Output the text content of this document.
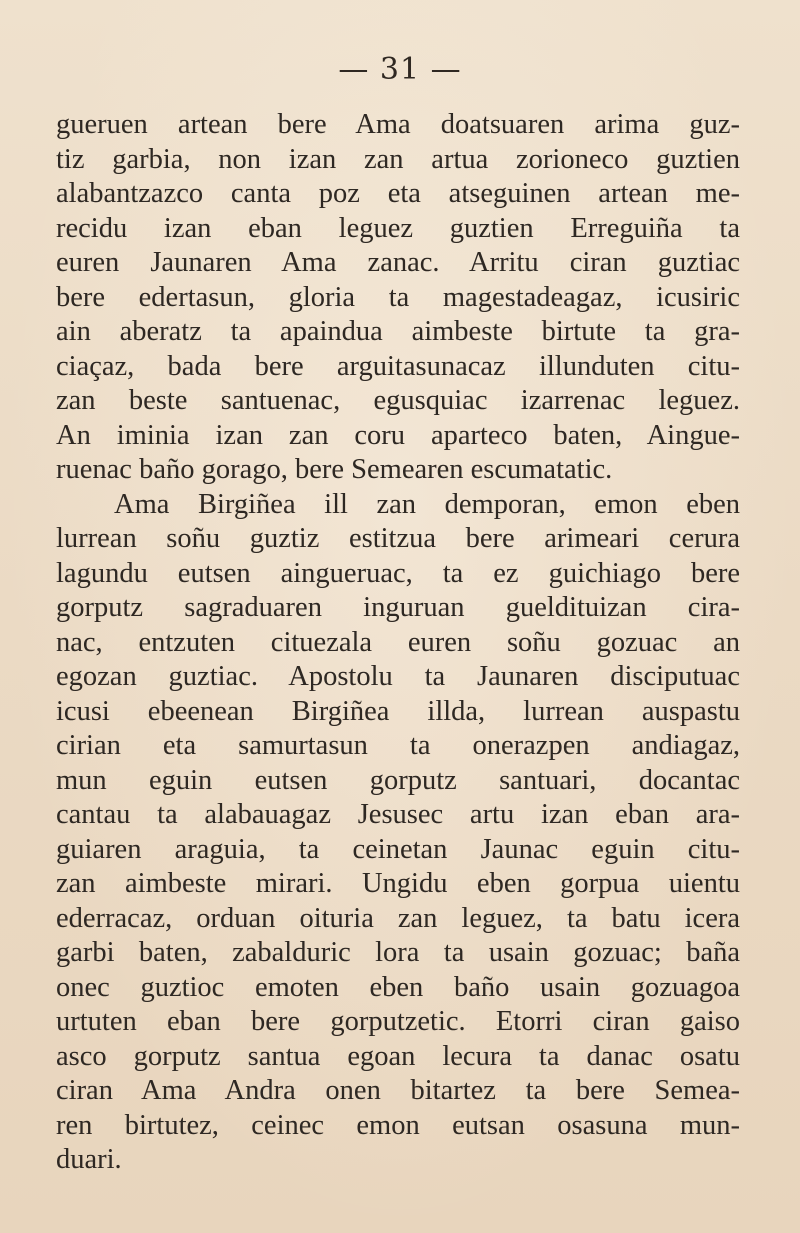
— 31 —
gueruen artean bere Ama doatsuaren arima guz-
tiz garbia, non izan zan artua zorioneco guztien
alabantzazco canta poz eta atseguinen artean me-
recidu izan eban leguez guztien Erreguiña ta
euren Jaunaren Ama zanac. Arritu ciran guztiac
bere edertasun, gloria ta magestadeagaz, icusiric
ain aberatz ta apaindua aimbeste birtute ta gra-
ciaçaz, bada bere arguitasunacaz illunduten citu-
zan beste santuenac, egusquiac izarrenac leguez.
An iminia izan zan coru aparteco baten, Aingue-
ruenac baño gorago, bere Semearen escumatatic.
Ama Birgiñea ill zan demporan, emon eben
lurrean soñu guztiz estitzua bere arimeari cerura
lagundu eutsen aingueruac, ta ez guichiago bere
gorputz sagraduaren inguruan gueldituizan cira-
nac, entzuten cituezala euren soñu gozuac an
egozan guztiac. Apostolu ta Jaunaren disciputuac
icusi ebeenean Birgiñea illda, lurrean auspastu
cirian eta samurtasun ta onerazpen andiagaz,
mun eguin eutsen gorputz santuari, docantac
cantau ta alabauagaz Jesusec artu izan eban ara-
guiaren araguia, ta ceinetan Jaunac eguin citu-
zan aimbeste mirari. Ungidu eben gorpua uientu
ederracaz, orduan oituria zan leguez, ta batu icera
garbi baten, zabalduric lora ta usain gozuac; baña
onec guztioc emoten eben baño usain gozuagoa
urtuten eban bere gorputzetic. Etorri ciran gaiso
asco gorputz santua egoan lecura ta danac osatu
ciran Ama Andra onen bitartez ta bere Semea-
ren birtutez, ceinec emon eutsan osasuna mun-
duari.
